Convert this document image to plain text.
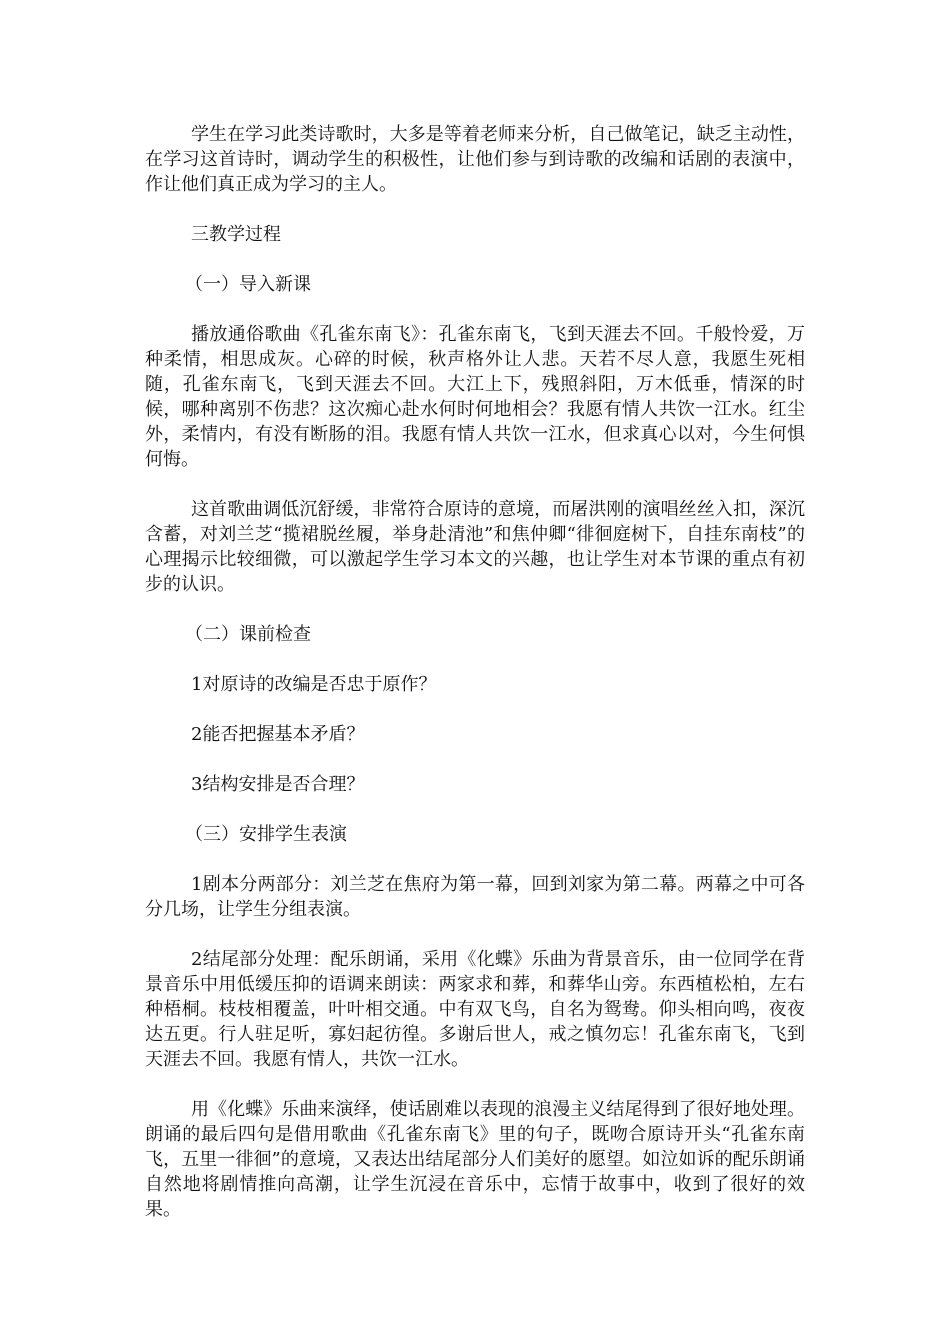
学生在学习此类诗歌时，大多是等着老师来分析，自己做笔记，缺乏主动性，在学习这首诗时，调动学生的积极性，让他们参与到诗歌的改编和话剧的表演中，作让他们真正成为学习的主人。

三教学过程

（一）导入新课

播放通俗歌曲《孔雀东南飞》：孔雀东南飞，飞到天涯去不回。千般怜爱，万种柔情，相思成灰。心碎的时候，秋声格外让人悲。天若不尽人意，我愿生死相随，孔雀东南飞，飞到天涯去不回。大江上下，残照斜阳，万木低垂，情深的时候，哪种离别不伤悲？这次痴心赴水何时何地相会？我愿有情人共饮一江水。红尘外，柔情内，有没有断肠的泪。我愿有情人共饮一江水，但求真心以对，今生何惧何悔。

这首歌曲调低沉舒缓，非常符合原诗的意境，而屠洪刚的演唱丝丝入扣，深沉含蓄，对刘兰芝“揽裙脱丝履，举身赴清池”和焦仲卿“徘徊庭树下，自挂东南枝”的心理揭示比较细微，可以激起学生学习本文的兴趣，也让学生对本节课的重点有初步的认识。

（二）课前检查

1对原诗的改编是否忠于原作？

2能否把握基本矛盾？

3结构安排是否合理？

（三）安排学生表演

1剧本分两部分：刘兰芝在焦府为第一幕，回到刘家为第二幕。两幕之中可各分几场，让学生分组表演。

2结尾部分处理：配乐朗诵，采用《化蝶》乐曲为背景音乐，由一位同学在背景音乐中用低缓压抑的语调来朗读：两家求和葬，和葬华山旁。东西植松柏，左右种梧桐。枝枝相覆盖，叶叶相交通。中有双飞鸟，自名为鸳鸯。仰头相向鸣，夜夜达五更。行人驻足听，寡妇起彷徨。多谢后世人，戒之慎勿忘！孔雀东南飞，飞到天涯去不回。我愿有情人，共饮一江水。

用《化蝶》乐曲来演绎，使话剧难以表现的浪漫主义结尾得到了很好地处理。朗诵的最后四句是借用歌曲《孔雀东南飞》里的句子，既吻合原诗开头“孔雀东南飞，五里一徘徊”的意境，又表达出结尾部分人们美好的愿望。如泣如诉的配乐朗诵自然地将剧情推向高潮，让学生沉浸在音乐中，忘情于故事中，收到了很好的效果。
